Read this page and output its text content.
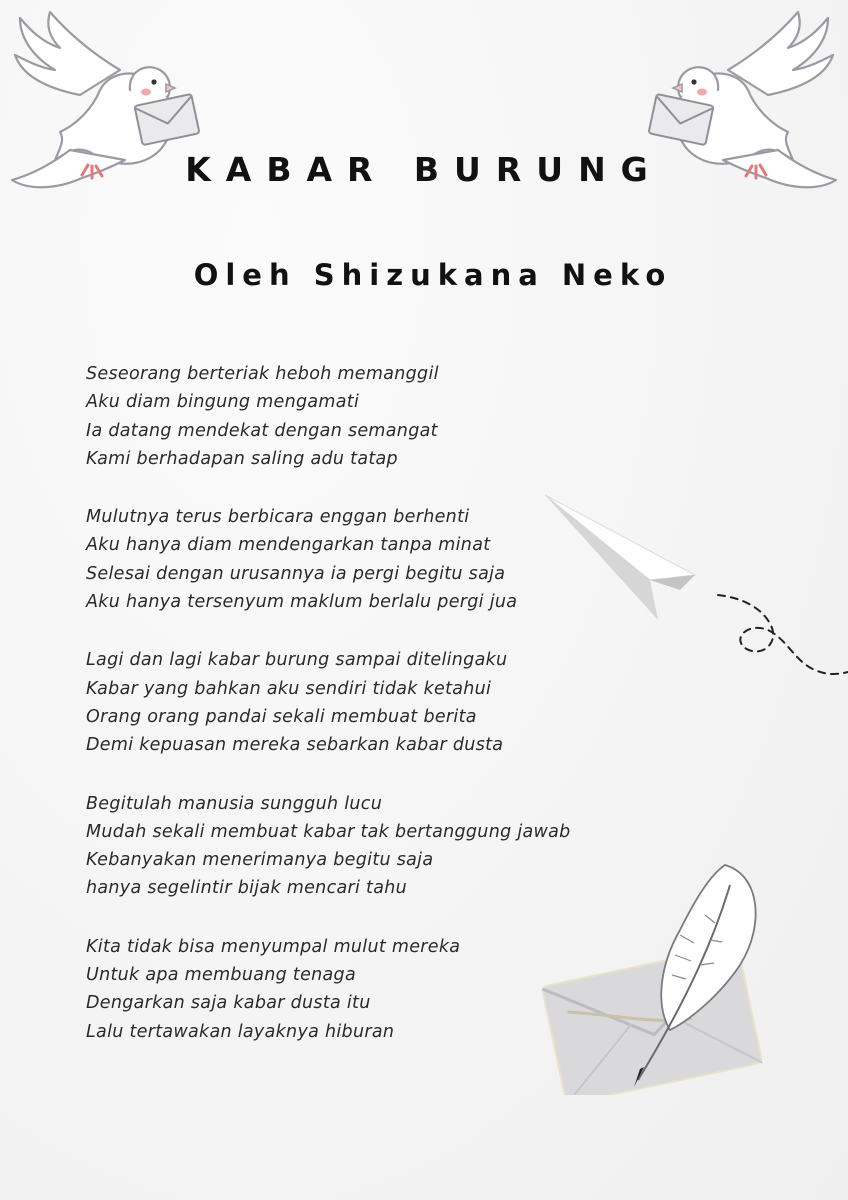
KABAR BURUNG
Oleh Shizukana Neko
Seseorang berteriak heboh memanggil
Aku diam bingung mengamati
Ia datang mendekat dengan semangat
Kami berhadapan saling adu tatap
Mulutnya terus berbicara enggan berhenti
Aku hanya diam mendengarkan tanpa minat
Selesai dengan urusannya ia pergi begitu saja
Aku hanya tersenyum maklum berlalu pergi jua
Lagi dan lagi kabar burung sampai ditelingaku
Kabar yang bahkan aku sendiri tidak ketahui
Orang orang pandai sekali membuat berita
Demi kepuasan mereka sebarkan kabar dusta
Begitulah manusia sungguh lucu
Mudah sekali membuat kabar tak bertanggung jawab
Kebanyakan menerimanya begitu saja
hanya segelintir bijak mencari tahu
Kita tidak bisa menyumpal mulut mereka
Untuk apa membuang tenaga
Dengarkan saja kabar dusta itu
Lalu tertawakan layaknya hiburan
